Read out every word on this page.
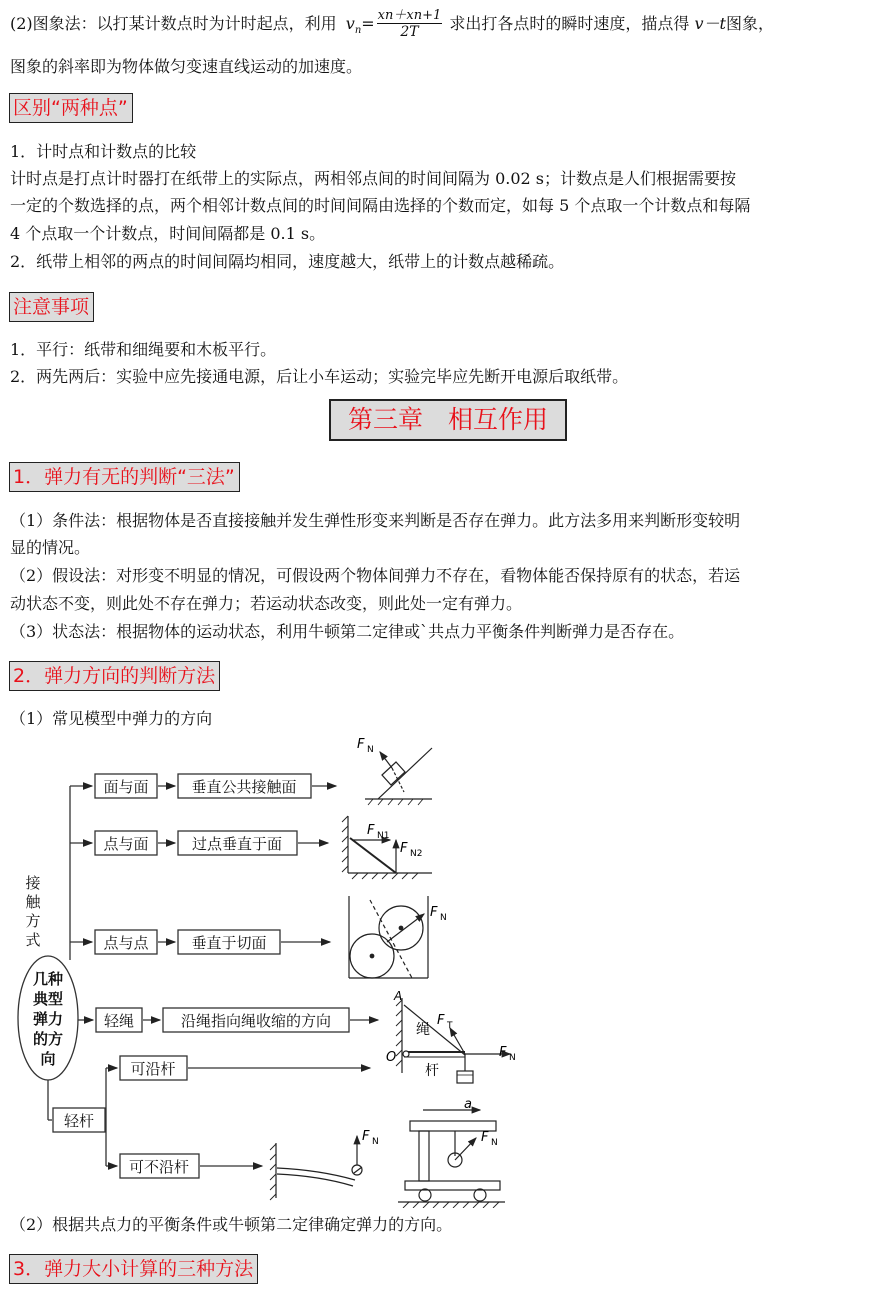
(2)图象法：以打某计数点时为计时起点，利用 $v_n= \frac{xn+xn+1}{2T}$ 求出打各点时的瞬时速度，描点得 v－t图象，
图象的斜率即为物体做匀变速直线运动的加速度。
区别“两种点”
1．计时点和计数点的比较
计时点是打点计时器打在纸带上的实际点，两相邻点间的时间间隔为 0.02 s；计数点是人们根据需要按
一定的个数选择的点，两个相邻计数点间的时间间隔由选择的个数而定，如每 5 个点取一个计数点和每隔
4 个点取一个计数点，时间间隔都是 0.1 s。
2．纸带上相邻的两点的时间间隔均相同，速度越大，纸带上的计数点越稀疏。
注意事项
1．平行：纸带和细绳要和木板平行。
2．两先两后：实验中应先接通电源，后让小车运动；实验完毕应先断开电源后取纸带。
第三章　相互作用
1．弹力有无的判断“三法”
（1）条件法：根据物体是否直接接触并发生弹性形变来判断是否存在弹力。此方法多用来判断形变较明
显的情况。
（2）假设法：对形变不明显的情况，可假设两个物体间弹力不存在，看物体能否保持原有的状态，若运
动状态不变，则此处不存在弹力；若运动状态改变，则此处一定有弹力。
（3）状态法：根据物体的运动状态，利用牛顿第二定律或`共点力平衡条件判断弹力是否存在。
2．弹力方向的判断方法
（1）常见模型中弹力的方向
面与面	垂直公共接触面
点与面	过点垂直于面
点与点	垂直于切面
轻绳	沿绳指向绳收缩的方向
可沿杆
轻杆
可不沿杆
接
触
方
式
几种
典型
弹力
的方
向
F N
F N1
F N2
F N
A
O
绳
杆
F T
F N
F N
a
F N
（2）根据共点力的平衡条件或牛顿第二定律确定弹力的方向。
3．弹力大小计算的三种方法
